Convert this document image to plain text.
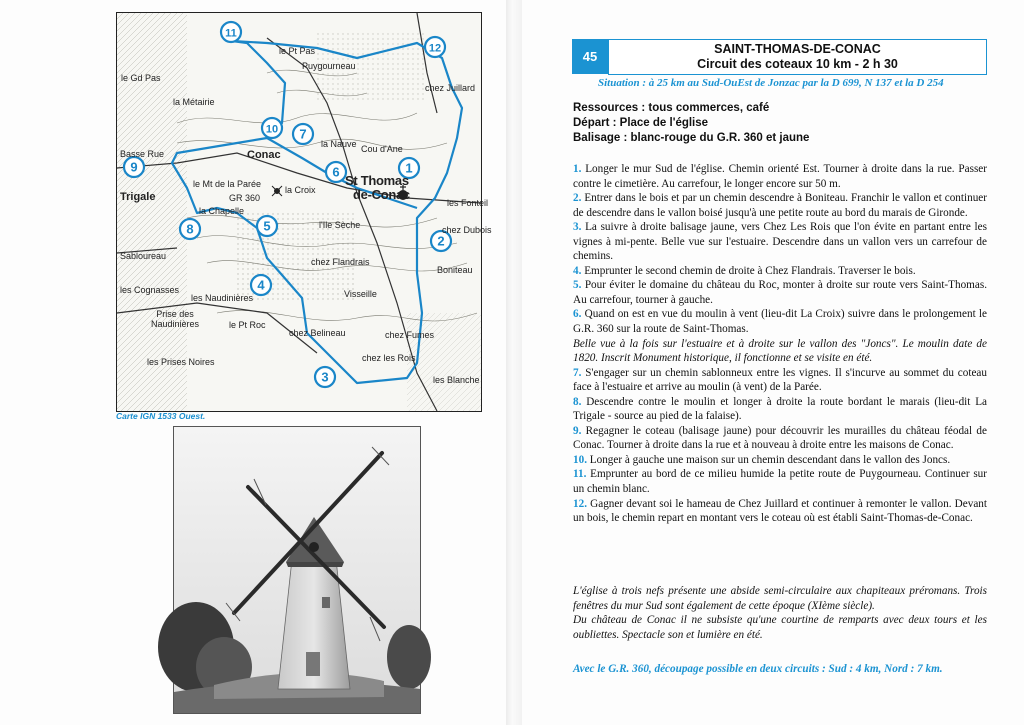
1
2
3
4
5
6
7
8
9
10
11
12
St Thomas
de-Conac
Conac
Puygourneau
le Gd Pas
la Métairie
Basse Rue
Trigale
le Mt de la Parée
la Chapelle
GR 360
la Croix
la Nauve Cou d'Ane
l'Ile Sèche
chez Flandrais
Sabloureau
les Cognasses
les Naudinières
Prise des Naudinières	le Pt Roc
chez Belineau
les Prises Noires
Visseille
chez les Rois
chez Juillard
les Fonteil
Boniteau
les Blanche
chez Fumes
le Pt Pas
chez Dubois
Carte IGN 1533 Ouest.
45	SAINT-THOMAS-DE-CONAC
Circuit des coteaux 10 km - 2 h 30
Situation : à 25 km au Sud-OuEst de Jonzac par la D 699, N 137 et la D 254
Ressources : tous commerces, café
Départ : Place de l'église
Balisage : blanc-rouge du G.R. 360 et jaune

1. Longer le mur Sud de l'église. Chemin orienté Est. Tourner à droite dans la rue. Passer contre le cimetière. Au carrefour, le longer encore sur 50 m.

2. Entrer dans le bois et par un chemin descendre à Boniteau. Franchir le vallon et continuer de descendre dans le vallon boisé jusqu'à une petite route au bord du marais de Gironde.

3. La suivre à droite balisage jaune, vers Chez Les Rois que l'on évite en partant entre les vignes à mi-pente. Belle vue sur l'estuaire. Descendre dans un vallon vers un carrefour de chemins.

4. Emprunter le second chemin de droite à Chez Flandrais. Traverser le bois.

5. Pour éviter le domaine du château du Roc, monter à droite sur route vers Saint-Thomas. Au carrefour, tourner à gauche.

6. Quand on est en vue du moulin à vent (lieu-dit La Croix) suivre dans le prolongement le G.R. 360 sur la route de Saint-Thomas.

Belle vue à la fois sur l'estuaire et à droite sur le vallon des "Joncs". Le moulin date de 1820. Inscrit Monument historique, il fonctionne et se visite en été.

7. S'engager sur un chemin sablonneux entre les vignes. Il s'incurve au sommet du coteau face à l'estuaire et arrive au moulin (à vent) de la Parée.

8. Descendre contre le moulin et longer à droite la route bordant le marais (lieu-dit La Trigale - source au pied de la falaise).

9. Regagner le coteau (balisage jaune) pour découvrir les murailles du château féodal de Conac. Tourner à droite dans la rue et à nouveau à droite entre les maisons de Conac.

10. Longer à gauche une maison sur un chemin descendant dans le vallon des Joncs.

11. Emprunter au bord de ce milieu humide la petite route de Puygourneau. Continuer sur un chemin blanc.

12. Gagner devant soi le hameau de Chez Juillard et continuer à remonter le vallon. Devant un bois, le chemin repart en montant vers le coteau où est établi Saint-Thomas-de-Conac.

L'église à trois nefs présente une abside semi-circulaire aux chapiteaux préromans. Trois fenêtres du mur Sud sont également de cette époque (XIème siècle).

Du château de Conac il ne subsiste qu'une courtine de remparts avec deux tours et les oubliettes. Spectacle son et lumière en été.

Avec le G.R. 360, découpage possible en deux circuits : Sud : 4 km, Nord : 7 km.
